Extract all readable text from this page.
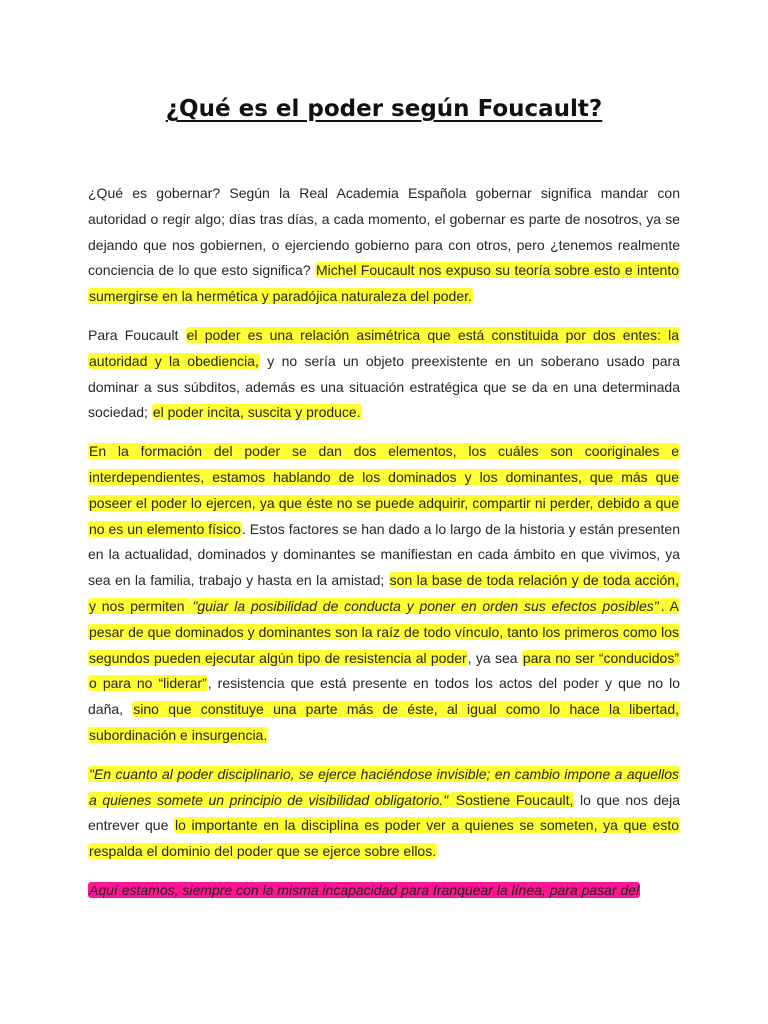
¿Qué es el poder según Foucault?

¿Qué es gobernar? Según la Real Academia Española gobernar significa mandar con autoridad o regir algo; días tras días, a cada momento, el gobernar es parte de nosotros, ya se dejando que nos gobiernen, o ejerciendo gobierno para con otros, pero ¿tenemos realmente conciencia de lo que esto significa? Michel Foucault nos expuso su teoría sobre esto e intento sumergirse en la hermética y paradójica naturaleza del poder.

Para Foucault el poder es una relación asimétrica que está constituida por dos entes: la autoridad y la obediencia, y no sería un objeto preexistente en un soberano usado para dominar a sus súbditos, además es una situación estratégica que se da en una determinada sociedad; el poder incita, suscita y produce.

En la formación del poder se dan dos elementos, los cuáles son cooriginales e interdependientes, estamos hablando de los dominados y los dominantes, que más que poseer el poder lo ejercen, ya que éste no se puede adquirir, compartir ni perder, debido a que no es un elemento físico. Estos factores se han dado a lo largo de la historia y están presenten en la actualidad, dominados y dominantes se manifiestan en cada ámbito en que vivimos, ya sea en la familia, trabajo y hasta en la amistad; son la base de toda relación y de toda acción, y nos permiten "guiar la posibilidad de conducta y poner en orden sus efectos posibles" . A pesar de que dominados y dominantes son la raíz de todo vínculo, tanto los primeros como los segundos pueden ejecutar algún tipo de resistencia al poder, ya sea para no ser “conducidos” o para no “liderar”, resistencia que está presente en todos los actos del poder y que no lo daña, sino que constituye una parte más de éste, al igual como lo hace la libertad, subordinación e insurgencia.

"En cuanto al poder disciplinario, se ejerce haciéndose invisible; en cambio impone a aquellos a quienes somete un principio de visibilidad obligatorio." Sostiene Foucault, lo que nos deja entrever que lo importante en la disciplina es poder ver a quienes se someten, ya que esto respalda el dominio del poder que se ejerce sobre ellos.

Aquí estamos, siempre con la misma incapacidad para franquear la línea, para pasar del
